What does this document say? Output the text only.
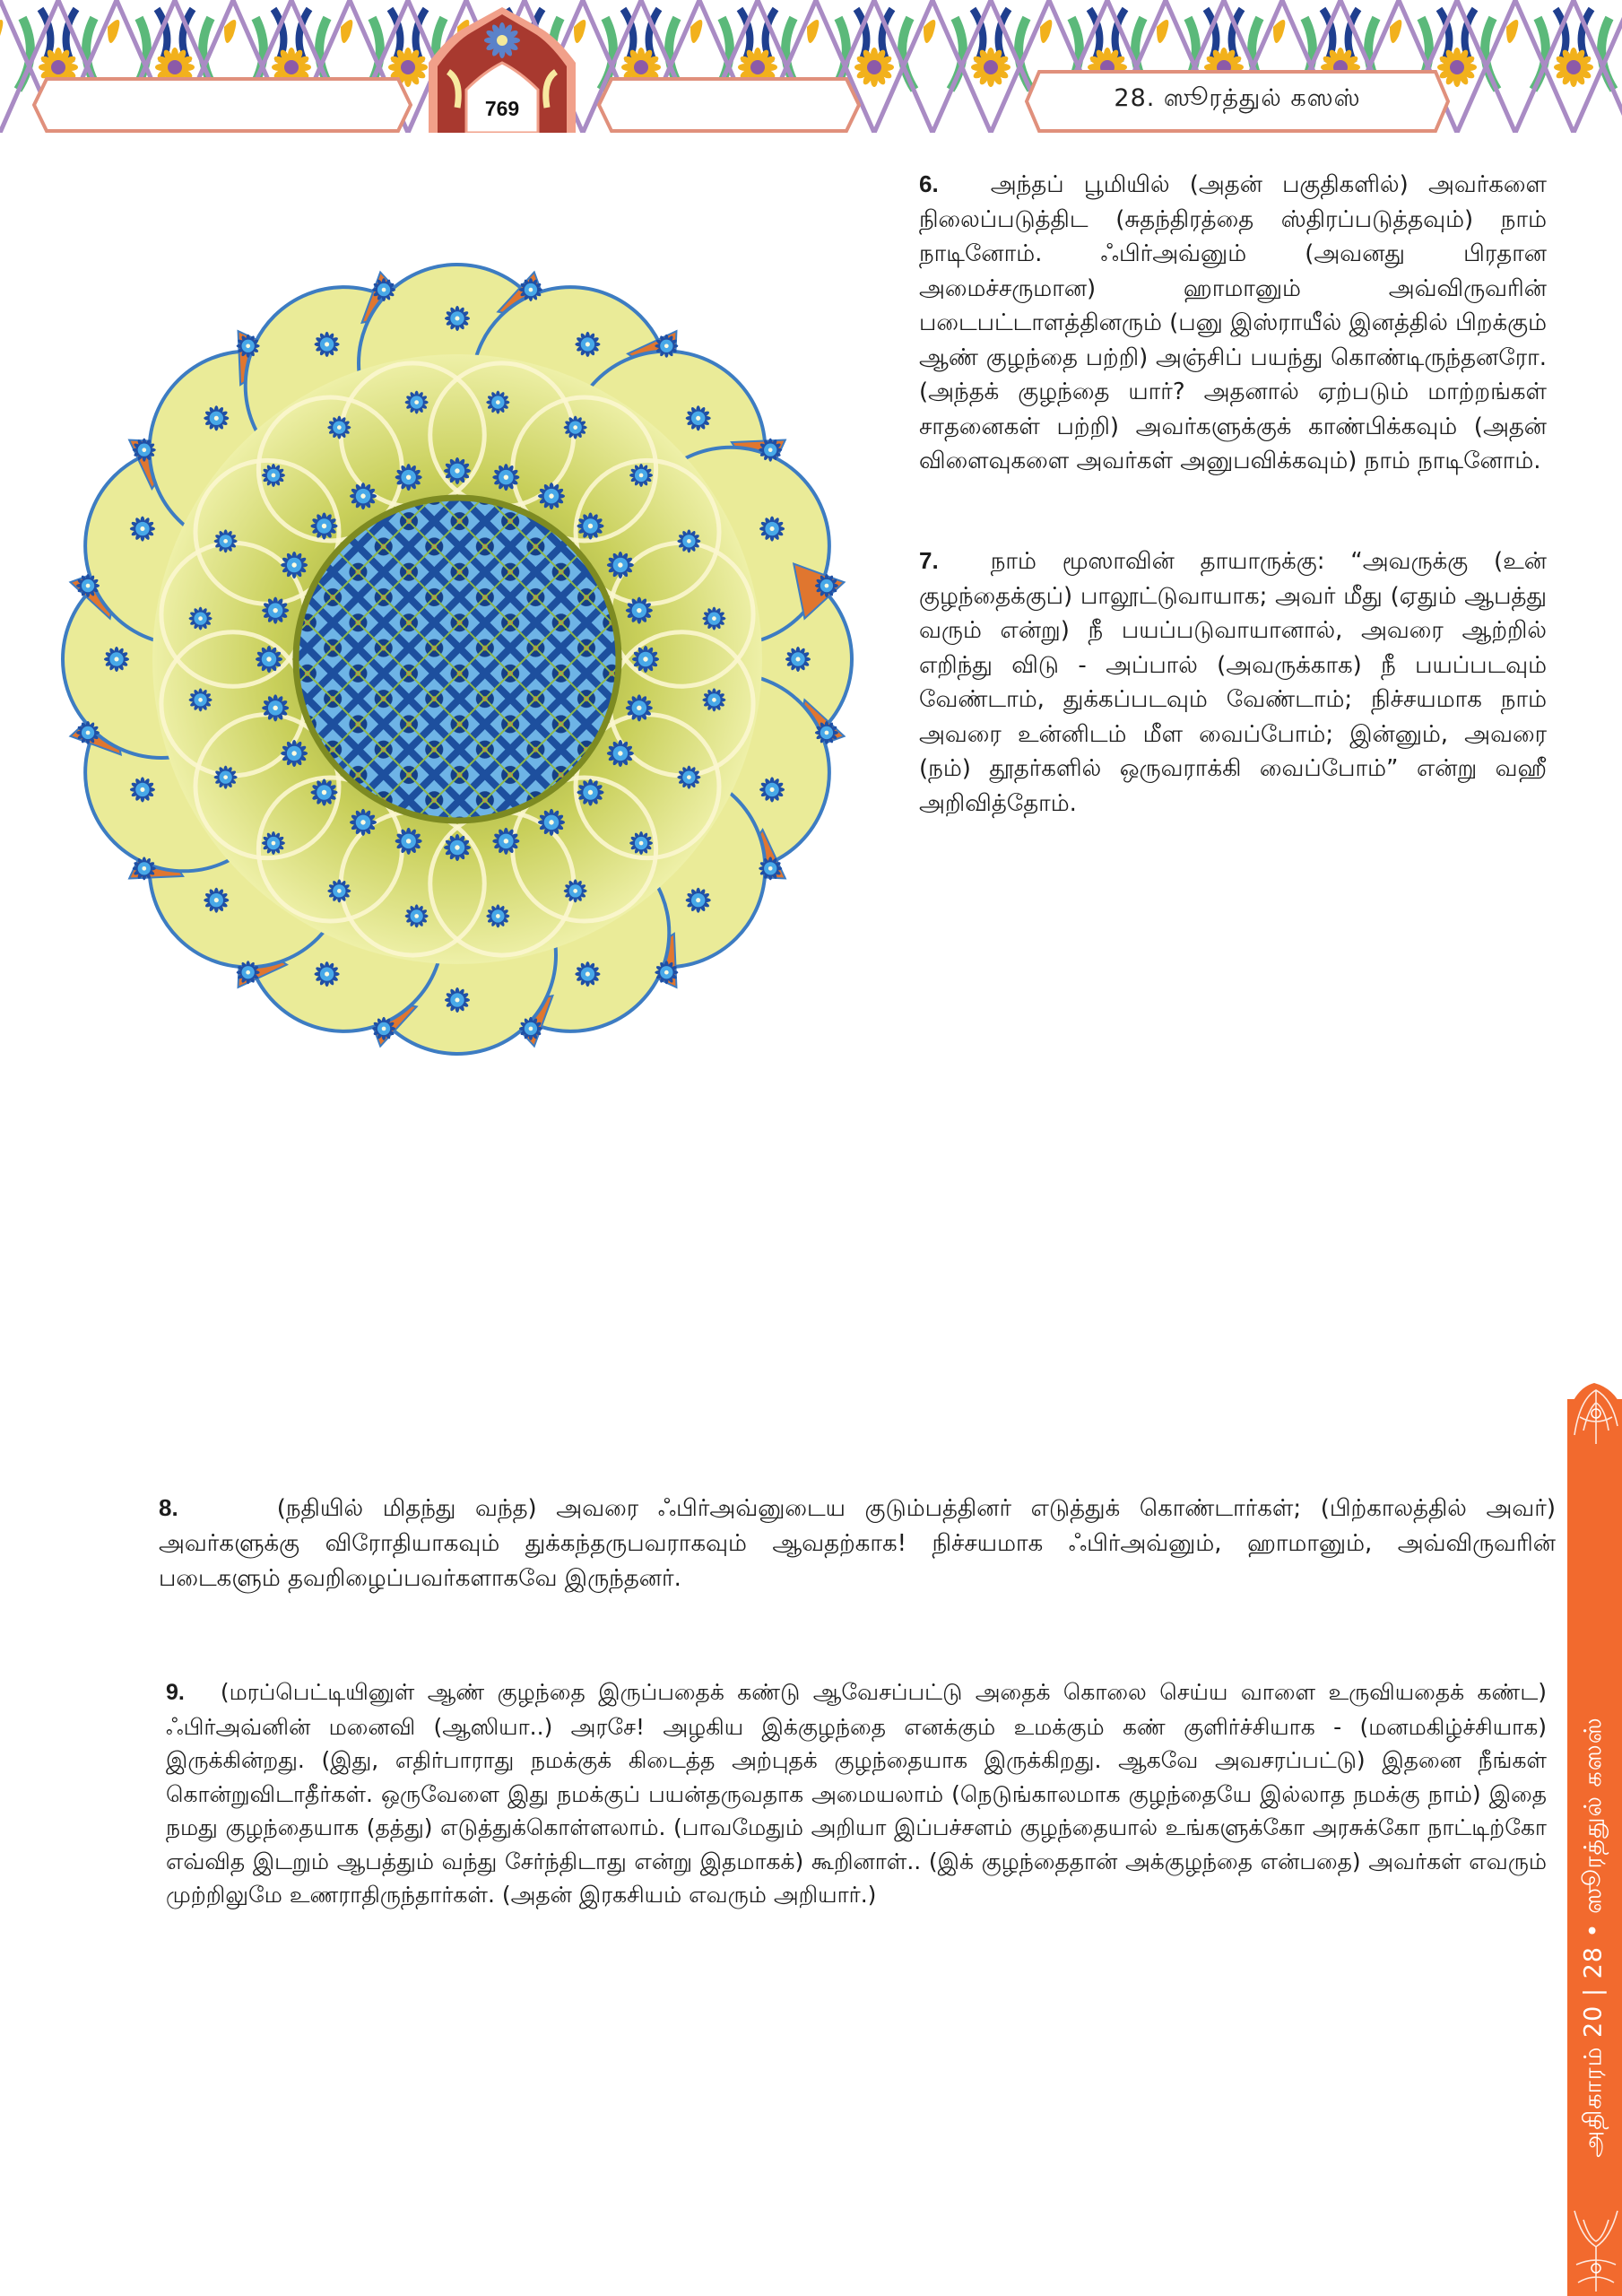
769	28. ஸூரத்துல் கஸஸ்
6. அந்தப் பூமியில் (அதன் பகுதிகளில்) அவர்களை நிலைப்படுத்திட (சுதந்திரத்தை ஸ்திரப்படுத்தவும்) நாம் நாடினோம். ஃபிர்அவ்னும் (அவனது பிரதான அமைச்சருமான) ஹாமானும் அவ்விருவரின் படைபட்டாளத்தினரும் (பனு இஸ்ராயீல் இனத்தில் பிறக்கும் ஆண் குழந்தை பற்றி) அஞ்சிப் பயந்து கொண்டிருந்தனரோ. (அந்தக் குழந்தை யார்? அதனால் ஏற்படும் மாற்றங்கள் சாதனைகள் பற்றி) அவர்களுக்குக் காண்பிக்கவும் (அதன் விளைவுகளை அவர்கள் அனுபவிக்கவும்) நாம் நாடினோம்.
7. நாம் மூஸாவின் தாயாருக்கு: “அவருக்கு (உன் குழந்தைக்குப்) பாலூட்டுவாயாக; அவர் மீது (ஏதும் ஆபத்து வரும் என்று) நீ பயப்படுவாயானால், அவரை ஆற்றில் எறிந்து விடு - அப்பால் (அவருக்காக) நீ பயப்படவும் வேண்டாம், துக்கப்படவும் வேண்டாம்; நிச்சயமாக நாம் அவரை உன்னிடம் மீள வைப்போம்; இன்னும், அவரை (நம்) தூதர்களில் ஒருவராக்கி வைப்போம்” என்று வஹீ அறிவித்தோம்.
8.	(நதியில் மிதந்து வந்த) அவரை ஃபிர்அவ்னுடைய குடும்பத்தினர் எடுத்துக் கொண்டார்கள்; (பிற்காலத்தில் அவர்) அவர்களுக்கு விரோதியாகவும் துக்கந்தருபவராகவும் ஆவதற்காக! நிச்சயமாக ஃபிர்அவ்னும், ஹாமானும், அவ்விருவரின் படைகளும் தவறிழைப்பவர்களாகவே இருந்தனர்.
9. (மரப்பெட்டியினுள் ஆண் குழந்தை இருப்பதைக் கண்டு ஆவேசப்பட்டு அதைக் கொலை செய்ய வாளை உருவியதைக் கண்ட) ஃபிர்அவ்னின் மனைவி (ஆஸியா..) அரசே! அழகிய இக்குழந்தை எனக்கும் உமக்கும் கண் குளிர்ச்சியாக - (மனமகிழ்ச்சியாக) இருக்கின்றது. (இது, எதிர்பாராது நமக்குக் கிடைத்த அற்புதக் குழந்தையாக இருக்கிறது. ஆகவே அவசரப்பட்டு) இதனை நீங்கள் கொன்றுவிடாதீர்கள். ஒருவேளை இது நமக்குப் பயன்தருவதாக அமையலாம் (நெடுங்காலமாக குழந்தையே இல்லாத நமக்கு நாம்) இதை நமது குழந்தையாக (தத்து) எடுத்துக்கொள்ளலாம். (பாவமேதும் அறியா இப்பச்சளம் குழந்தையால் உங்களுக்கோ அரசுக்கோ நாட்டிற்கோ எவ்வித இடறும் ஆபத்தும் வந்து சேர்ந்திடாது என்று இதமாகக்) கூறினாள்.. (இக் குழந்தைதான் அக்குழந்தை என்பதை) அவர்கள் எவரும் முற்றிலுமே உணராதிருந்தார்கள். (அதன் இரகசியம் எவரும் அறியார்.)	அதிகாரம் 20 | 28 • ஸூரத்துல் கஸஸ்
